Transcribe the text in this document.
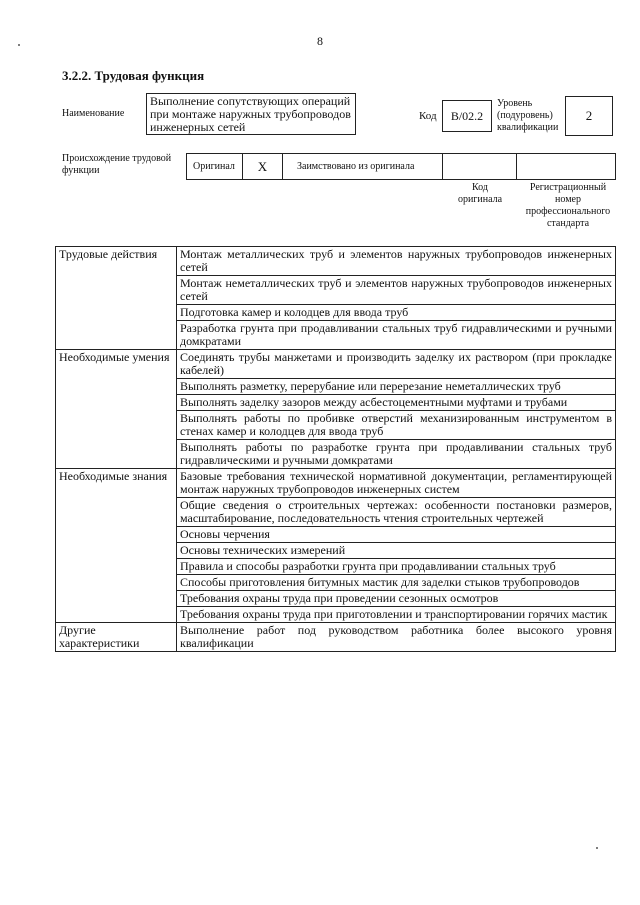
8
3.2.2. Трудовая функция
Наименование
Выполнение сопутствующих операций при монтаже наружных трубопроводов инженерных сетей
Код	В/02.2
Уровень (подуровень) квалификации
2
Происхождение трудовой функции	Оригинал X	Заимствовано из оригинала
Код оригинала
Регистрационный номер профессионального стандарта
Трудовые действия	Монтаж металлических труб и элементов наружных трубопроводов инженерных сетей
	Монтаж неметаллических труб и элементов наружных трубопроводов инженерных сетей
	Подготовка камер и колодцев для ввода труб
	Разработка грунта при продавливании стальных труб гидравлическими и ручными домкратами
Необходимые умения	Соединять трубы манжетами и производить заделку их раствором (при прокладке кабелей)
	Выполнять разметку, перерубание или перерезание неметаллических труб
	Выполнять заделку зазоров между асбестоцементными муфтами и трубами
	Выполнять работы по пробивке отверстий механизированным инструментом в стенах камер и колодцев для ввода труб
	Выполнять работы по разработке грунта при продавливании стальных труб гидравлическими и ручными домкратами
Необходимые знания	Базовые требования технической нормативной документации, регламентирующей монтаж наружных трубопроводов инженерных систем
	Общие сведения о строительных чертежах: особенности постановки размеров, масштабирование, последовательность чтения строительных чертежей
	Основы черчения
	Основы технических измерений
	Правила и способы разработки грунта при продавливании стальных труб
	Способы приготовления битумных мастик для заделки стыков трубопроводов
	Требования охраны труда при проведении сезонных осмотров
	Требования охраны труда при приготовлении и транспортировании горячих мастик
Другие характеристики	Выполнение работ под руководством работника более высокого уровня квалификации
